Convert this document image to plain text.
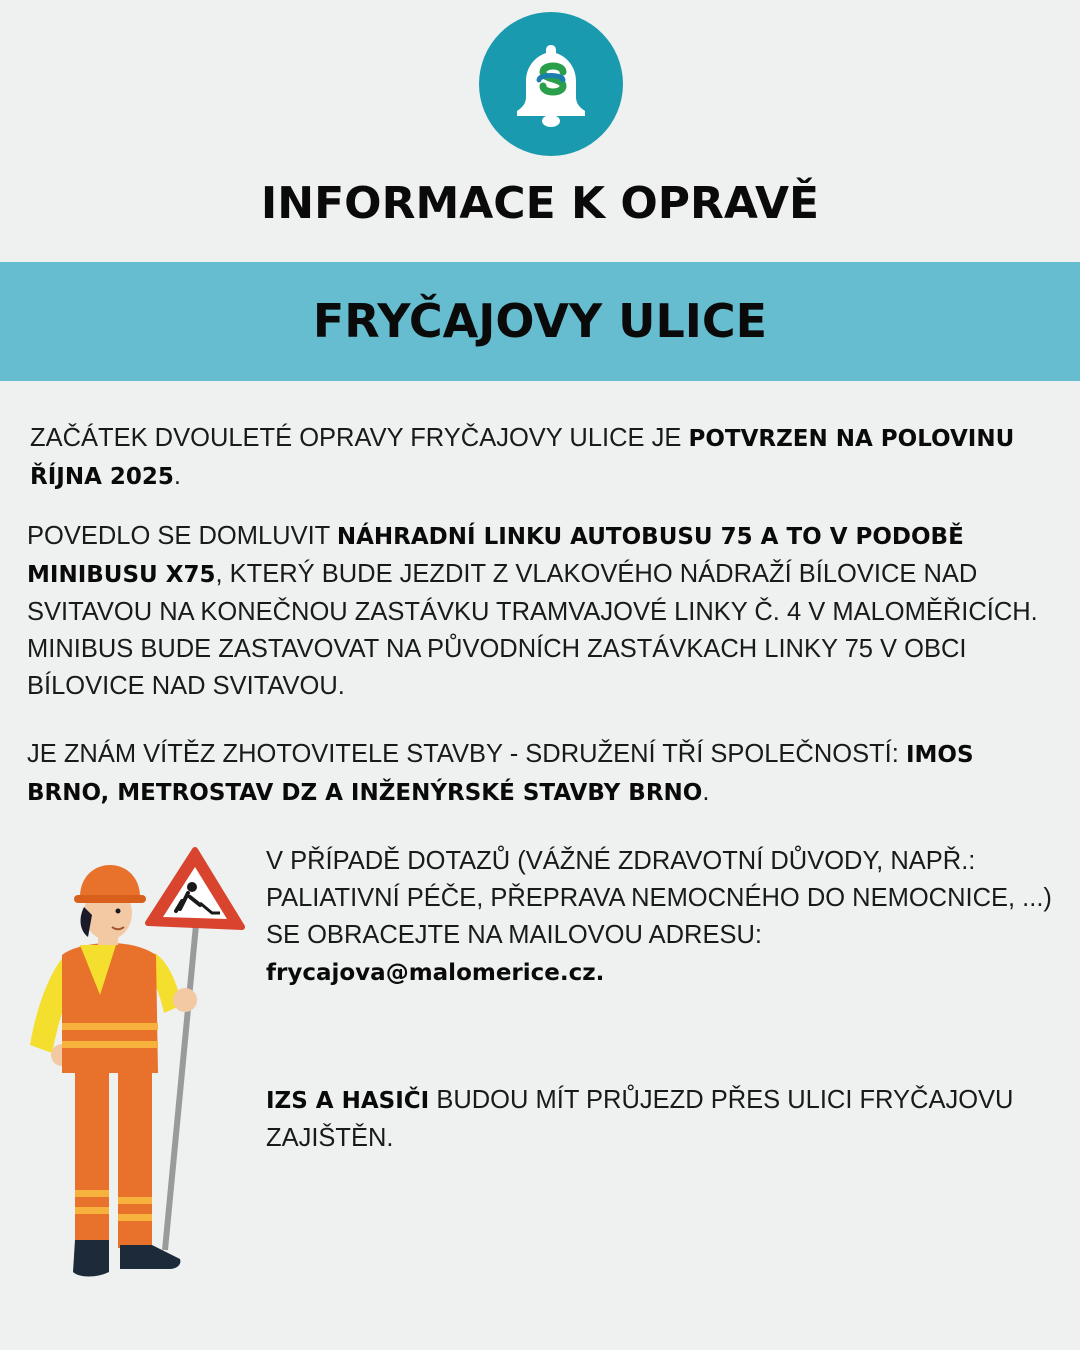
INFORMACE K OPRAVĚ
FRYČAJOVY ULICE

ZAČÁTEK DVOULETÉ OPRAVY FRYČAJOVY ULICE JE POTVRZEN NA POLOVINU ŘÍJNA 2025.

POVEDLO SE DOMLUVIT NÁHRADNÍ LINKU AUTOBUSU 75 A TO V PODOBĚ MINIBUSU X75, KTERÝ BUDE JEZDIT Z VLAKOVÉHO NÁDRAŽÍ BÍLOVICE NAD SVITAVOU NA KONEČNOU ZASTÁVKU TRAMVAJOVÉ LINKY Č. 4 V MALOMĚŘICÍCH. MINIBUS BUDE ZASTAVOVAT NA PŮVODNÍCH ZASTÁVKACH LINKY 75 V OBCI BÍLOVICE NAD SVITAVOU.

JE ZNÁM VÍTĚZ ZHOTOVITELE STAVBY - SDRUŽENÍ TŘÍ SPOLEČNOSTÍ: IMOS BRNO, METROSTAV DZ A INŽENÝRSKÉ STAVBY BRNO.

V PŘÍPADĚ DOTAZŮ (VÁŽNÉ ZDRAVOTNÍ DŮVODY, NAPŘ.: PALIATIVNÍ PÉČE, PŘEPRAVA NEMOCNÉHO DO NEMOCNICE, ...) SE OBRACEJTE NA MAILOVOU ADRESU:
frycajova@malomerice.cz.

IZS A HASIČI BUDOU MÍT PRŮJEZD PŘES ULICI FRYČAJOVU ZAJIŠTĚN.
